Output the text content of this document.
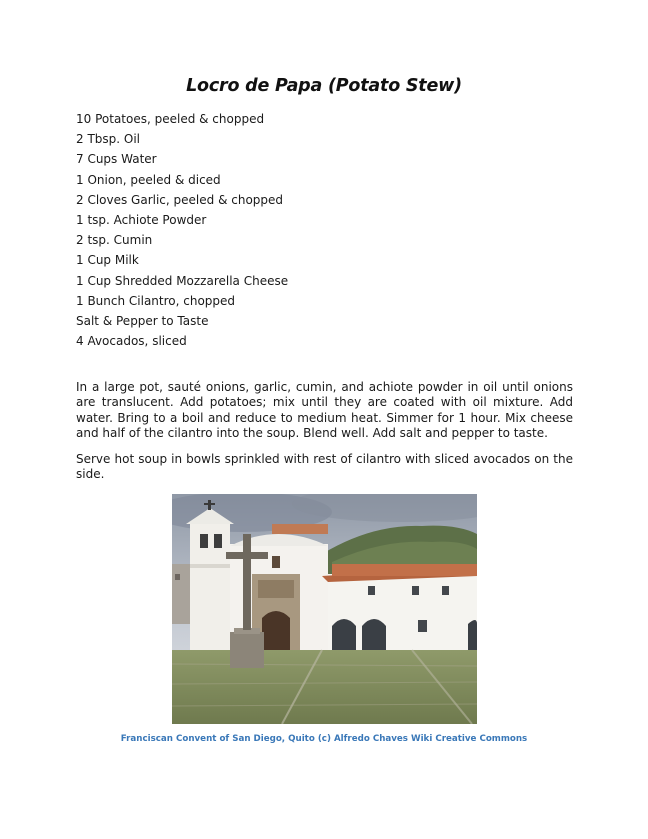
Locro de Papa (Potato Stew)
10 Potatoes, peeled & chopped
2 Tbsp. Oil
7 Cups Water
1 Onion, peeled & diced
2 Cloves Garlic, peeled & chopped
1 tsp. Achiote Powder
2 tsp. Cumin
1 Cup Milk
1 Cup Shredded Mozzarella Cheese
1 Bunch Cilantro, chopped
Salt & Pepper to Taste
4 Avocados, sliced

In a large pot, sauté onions, garlic, cumin, and achiote powder in oil until onions are translucent. Add potatoes; mix until they are coated with oil mixture. Add water. Bring to a boil and reduce to medium heat. Simmer for 1 hour. Mix cheese and half of the cilantro into the soup. Blend well. Add salt and pepper to taste.

Serve hot soup in bowls sprinkled with rest of cilantro with sliced avocados on the side.

Franciscan Convent of San Diego, Quito (c) Alfredo Chaves Wiki Creative Commons
